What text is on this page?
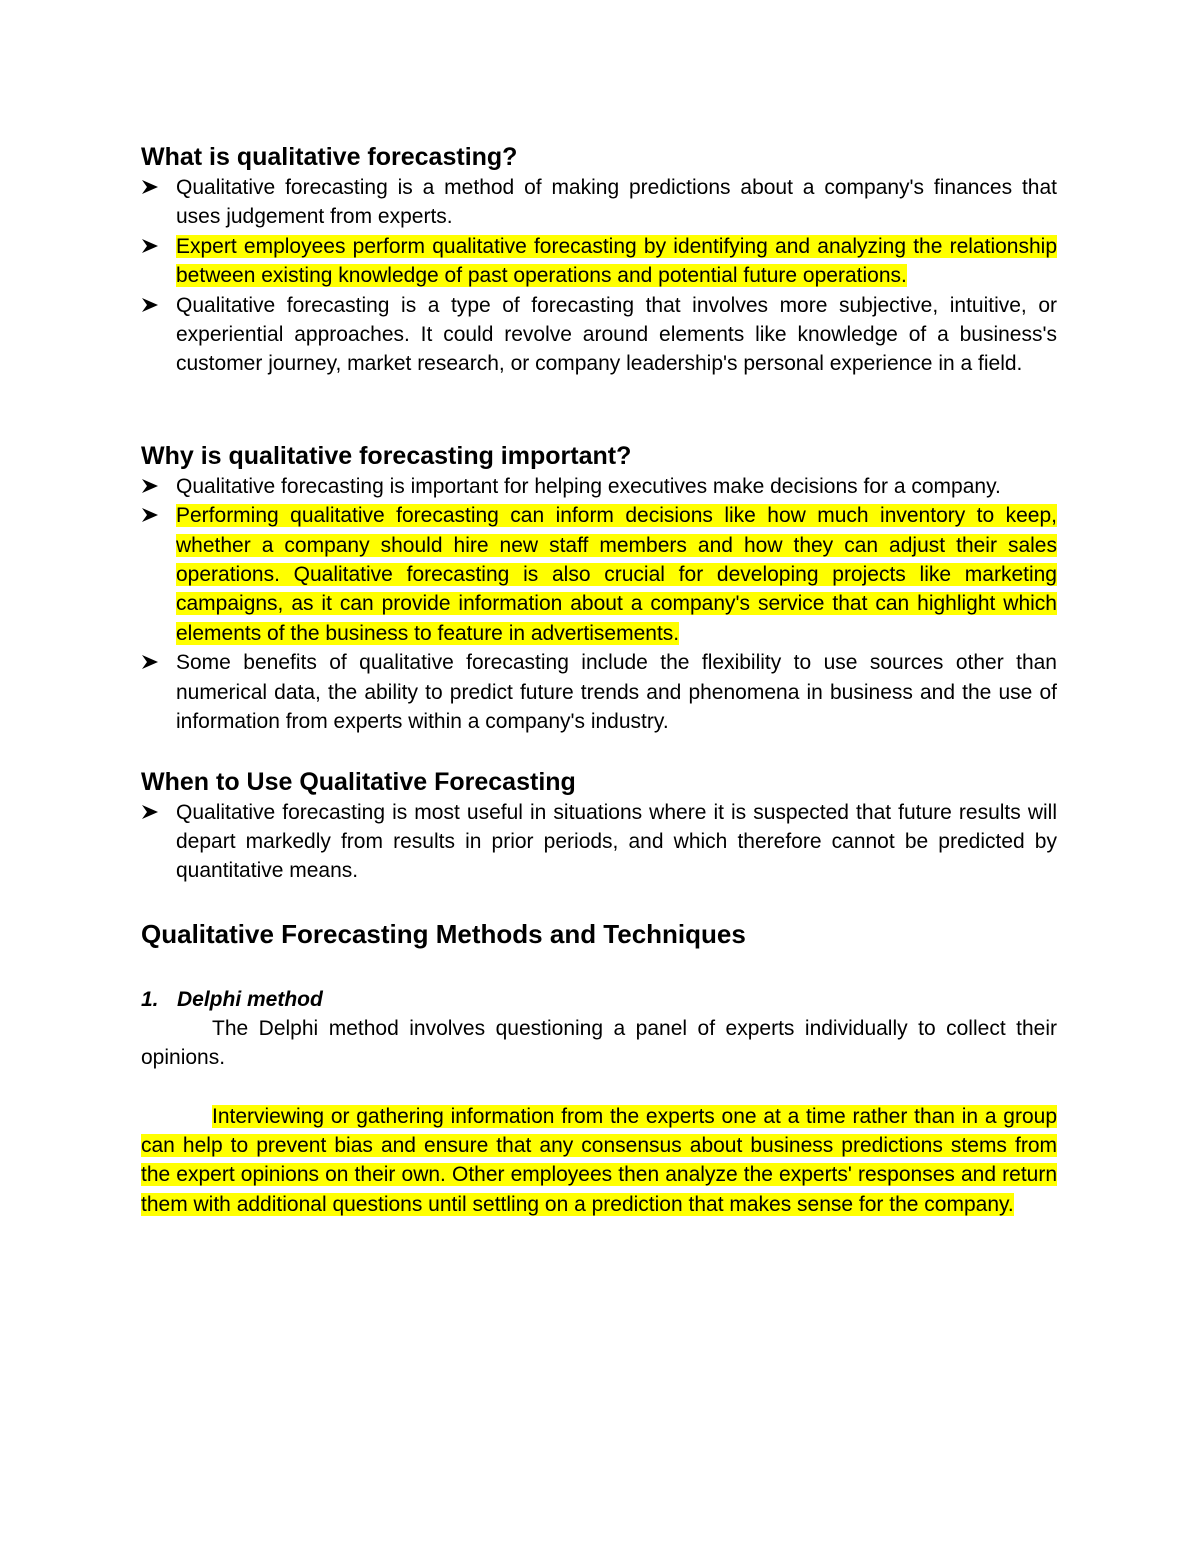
What is qualitative forecasting?
Qualitative forecasting is a method of making predictions about a company's finances that uses judgement from experts.
Expert employees perform qualitative forecasting by identifying and analyzing the relationship between existing knowledge of past operations and potential future operations.
Qualitative forecasting is a type of forecasting that involves more subjective, intuitive, or experiential approaches. It could revolve around elements like knowledge of a business's customer journey, market research, or company leadership's personal experience in a field.
Why is qualitative forecasting important?
Qualitative forecasting is important for helping executives make decisions for a company.
Performing qualitative forecasting can inform decisions like how much inventory to keep, whether a company should hire new staff members and how they can adjust their sales operations. Qualitative forecasting is also crucial for developing projects like marketing campaigns, as it can provide information about a company's service that can highlight which elements of the business to feature in advertisements.
Some benefits of qualitative forecasting include the flexibility to use sources other than numerical data, the ability to predict future trends and phenomena in business and the use of information from experts within a company's industry.
When to Use Qualitative Forecasting
Qualitative forecasting is most useful in situations where it is suspected that future results will depart markedly from results in prior periods, and which therefore cannot be predicted by quantitative means.
Qualitative Forecasting Methods and Techniques
1. Delphi method

The Delphi method involves questioning a panel of experts individually to collect their opinions.

Interviewing or gathering information from the experts one at a time rather than in a group can help to prevent bias and ensure that any consensus about business predictions stems from the expert opinions on their own. Other employees then analyze the experts' responses and return them with additional questions until settling on a prediction that makes sense for the company.
